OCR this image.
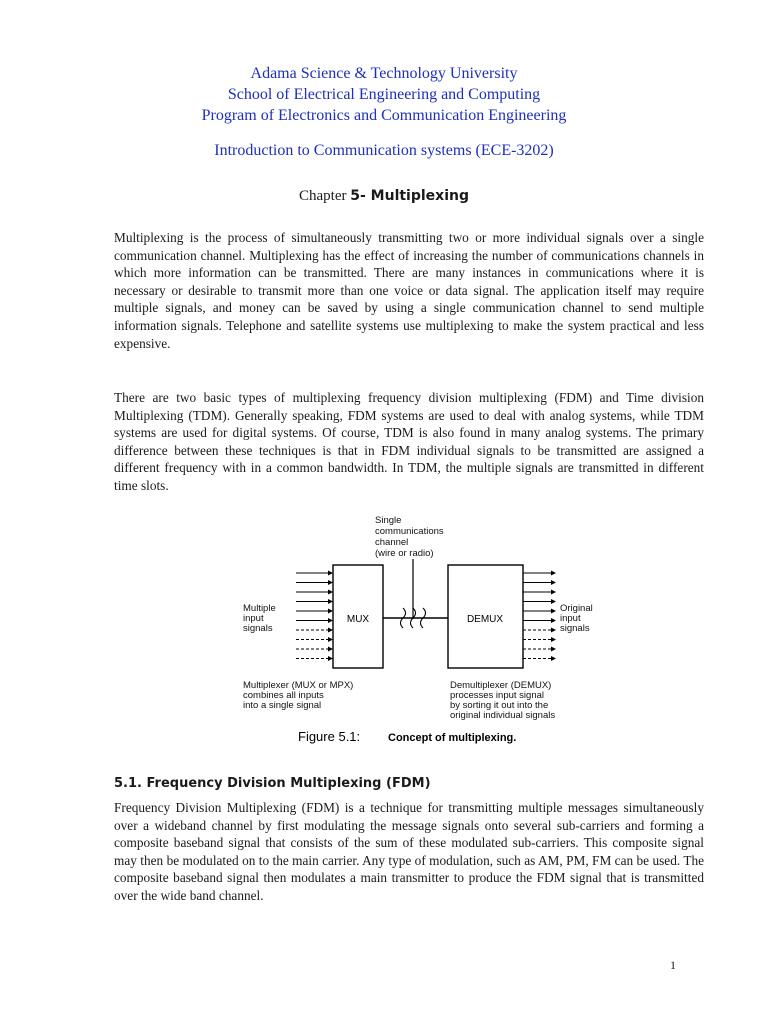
Adama Science & Technology University
School of Electrical Engineering and Computing
Program of Electronics and Communication Engineering
Introduction to Communication systems (ECE-3202)
Chapter 5- Multiplexing

Multiplexing is the process of simultaneously transmitting two or more individual signals over a single communication channel. Multiplexing has the effect of increasing the number of communications channels in which more information can be transmitted. There are many instances in communications where it is necessary or desirable to transmit more than one voice or data signal. The application itself may require multiple signals, and money can be saved by using a single communication channel to send multiple information signals. Telephone and satellite systems use multiplexing to make the system practical and less expensive.

There are two basic types of multiplexing frequency division multiplexing (FDM) and Time division Multiplexing (TDM). Generally speaking, FDM systems are used to deal with analog systems, while TDM systems are used for digital systems. Of course, TDM is also found in many analog systems. The primary difference between these techniques is that in FDM individual signals to be transmitted are assigned a different frequency with in a common bandwidth. In TDM, the multiple signals are transmitted in different time slots.

Single
communications
channel
(wire or radio)
MUX	DEMUX
Multiple
input
signals
Original
input
signals
Multiplexer (MUX or MPX)
combines all inputs
into a single signal
Demultiplexer (DEMUX)
processes input signal
by sorting it out into the
original individual signals
Figure 5.1:	Concept of multiplexing.
5.1. Frequency Division Multiplexing (FDM)

Frequency Division Multiplexing (FDM) is a technique for transmitting multiple messages simultaneously over a wideband channel by first modulating the message signals onto several sub-carriers and forming a composite baseband signal that consists of the sum of these modulated sub-carriers. This composite signal may then be modulated on to the main carrier. Any type of modulation, such as AM, PM, FM can be used. The composite baseband signal then modulates a main transmitter to produce the FDM signal that is transmitted over the wide band channel.

1
